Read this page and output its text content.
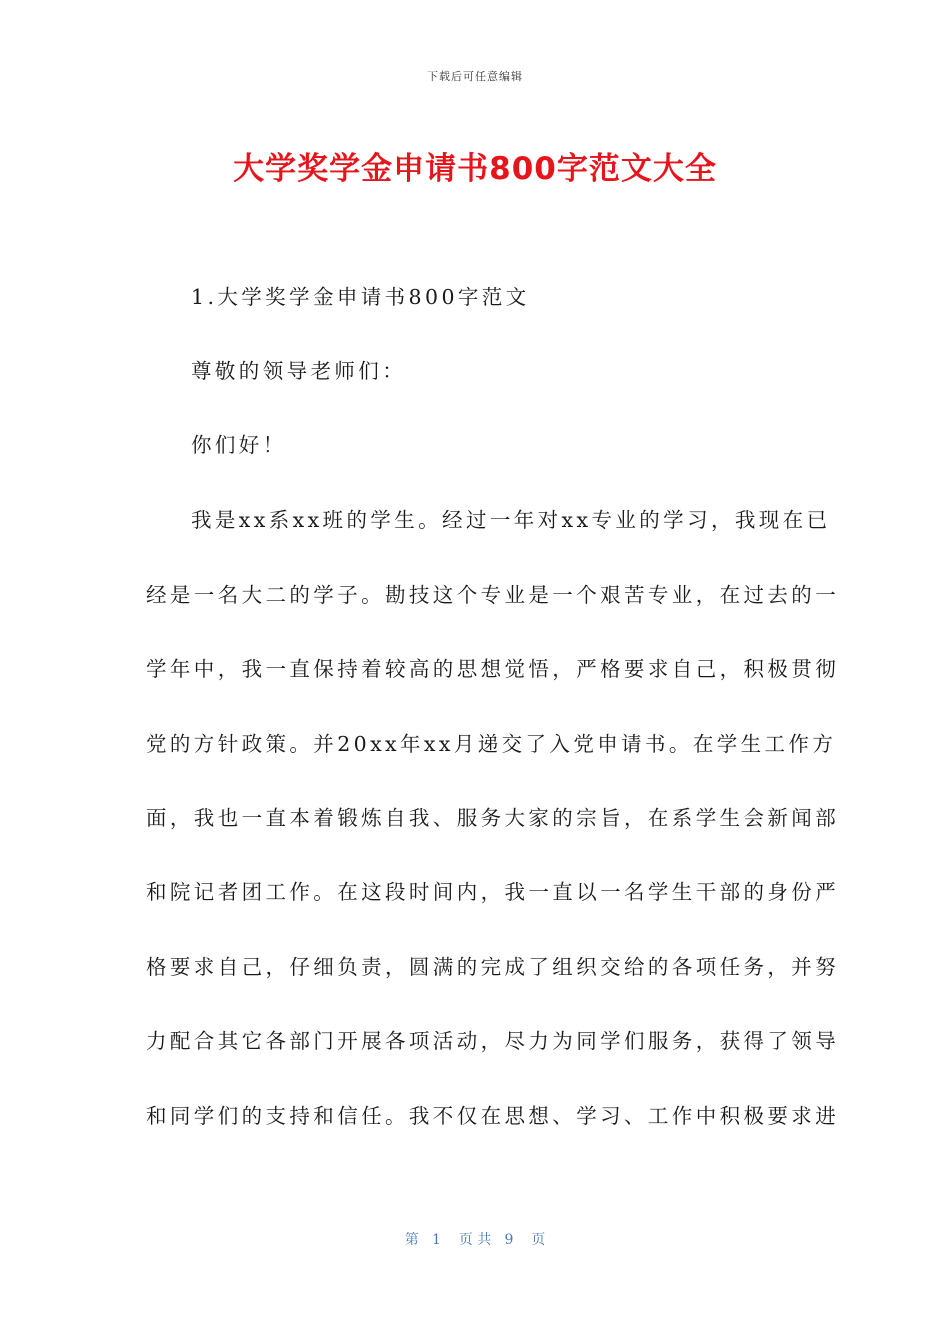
下载后可任意编辑
大学奖学金申请书800字范文大全
1.大学奖学金申请书800字范文
尊敬的领导老师们：
你们好！
我是xx系xx班的学生。经过一年对xx专业的学习，我现在已
经是一名大二的学子。勘技这个专业是一个艰苦专业，在过去的一
学年中，我一直保持着较高的思想觉悟，严格要求自己，积极贯彻
党的方针政策。并20xx年xx月递交了入党申请书。在学生工作方
面，我也一直本着锻炼自我、服务大家的宗旨，在系学生会新闻部
和院记者团工作。在这段时间内，我一直以一名学生干部的身份严
格要求自己，仔细负责，圆满的完成了组织交给的各项任务，并努
力配合其它各部门开展各项活动，尽力为同学们服务，获得了领导
和同学们的支持和信任。我不仅在思想、学习、工作中积极要求进
第   1    页 共   9    页
